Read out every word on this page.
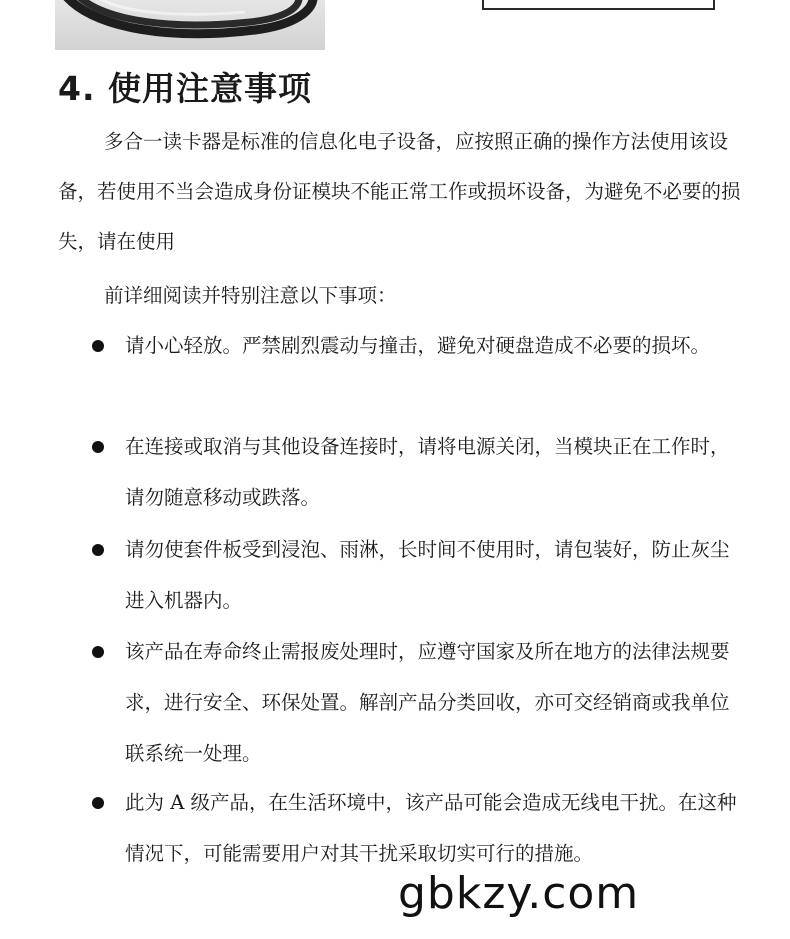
4. 使用注意事项

多合一读卡器是标准的信息化电子设备，应按照正确的操作方法使用该设备，若使用不当会造成身份证模块不能正常工作或损坏设备，为避免不必要的损失，请在使用

前详细阅读并特别注意以下事项：

请小心轻放。严禁剧烈震动与撞击，避免对硬盘造成不必要的损坏。

在连接或取消与其他设备连接时，请将电源关闭，当模块正在工作时，请勿随意移动或跌落。

请勿使套件板受到浸泡、雨淋，长时间不使用时，请包装好，防止灰尘进入机器内。

该产品在寿命终止需报废处理时，应遵守国家及所在地方的法律法规要求，进行安全、环保处置。解剖产品分类回收，亦可交经销商或我单位联系统一处理。

此为 A 级产品，在生活环境中，该产品可能会造成无线电干扰。在这种情况下，可能需要用户对其干扰采取切实可行的措施。

gbkzy.com
